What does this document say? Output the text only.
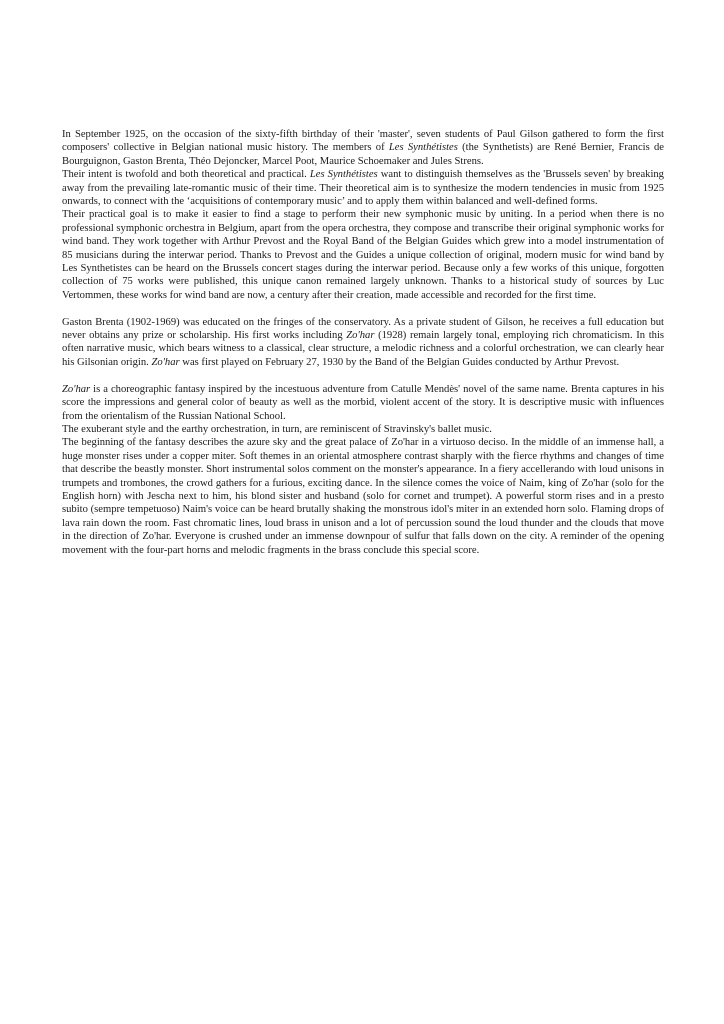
In September 1925, on the occasion of the sixty-fifth birthday of their 'master', seven students of Paul Gilson gathered to form the first composers' collective in Belgian national music history. The members of Les Synthétistes (the Synthetists) are René Bernier, Francis de Bourguignon, Gaston Brenta, Théo Dejoncker, Marcel Poot, Maurice Schoemaker and Jules Strens.

Their intent is twofold and both theoretical and practical. Les Synthétistes want to distinguish themselves as the 'Brussels seven' by breaking away from the prevailing late-romantic music of their time. Their theoretical aim is to synthesize the modern tendencies in music from 1925 onwards, to connect with the ‘acquisitions of contemporary music’ and to apply them within balanced and well-defined forms.

Their practical goal is to make it easier to find a stage to perform their new symphonic music by uniting. In a period when there is no professional symphonic orchestra in Belgium, apart from the opera orchestra, they compose and transcribe their original symphonic works for wind band. They work together with Arthur Prevost and the Royal Band of the Belgian Guides which grew into a model instrumentation of 85 musicians during the interwar period. Thanks to Prevost and the Guides a unique collection of original, modern music for wind band by Les Synthetistes can be heard on the Brussels concert stages during the interwar period. Because only a few works of this unique, forgotten collection of 75 works were published, this unique canon remained largely unknown. Thanks to a historical study of sources by Luc Vertommen, these works for wind band are now, a century after their creation, made accessible and recorded for the first time.

Gaston Brenta (1902-1969) was educated on the fringes of the conservatory. As a private student of Gilson, he receives a full education but never obtains any prize or scholarship. His first works including Zo'har (1928) remain largely tonal, employing rich chromaticism. In this often narrative music, which bears witness to a classical, clear structure, a melodic richness and a colorful orchestration, we can clearly hear his Gilsonian origin. Zo'har was first played on February 27, 1930 by the Band of the Belgian Guides conducted by Arthur Prevost.

Zo'har is a choreographic fantasy inspired by the incestuous adventure from Catulle Mendès' novel of the same name. Brenta captures in his score the impressions and general color of beauty as well as the morbid, violent accent of the story. It is descriptive music with influences from the orientalism of the Russian National School.

The exuberant style and the earthy orchestration, in turn, are reminiscent of Stravinsky's ballet music.

The beginning of the fantasy describes the azure sky and the great palace of Zo'har in a virtuoso deciso. In the middle of an immense hall, a huge monster rises under a copper miter. Soft themes in an oriental atmosphere contrast sharply with the fierce rhythms and changes of time that describe the beastly monster. Short instrumental solos comment on the monster's appearance. In a fiery accellerando with loud unisons in trumpets and trombones, the crowd gathers for a furious, exciting dance. In the silence comes the voice of Naim, king of Zo'har (solo for the English horn) with Jescha next to him, his blond sister and husband (solo for cornet and trumpet). A powerful storm rises and in a presto subito (sempre tempetuoso) Naim's voice can be heard brutally shaking the monstrous idol's miter in an extended horn solo. Flaming drops of lava rain down the room. Fast chromatic lines, loud brass in unison and a lot of percussion sound the loud thunder and the clouds that move in the direction of Zo'har. Everyone is crushed under an immense downpour of sulfur that falls down on the city. A reminder of the opening movement with the four-part horns and melodic fragments in the brass conclude this special score.
